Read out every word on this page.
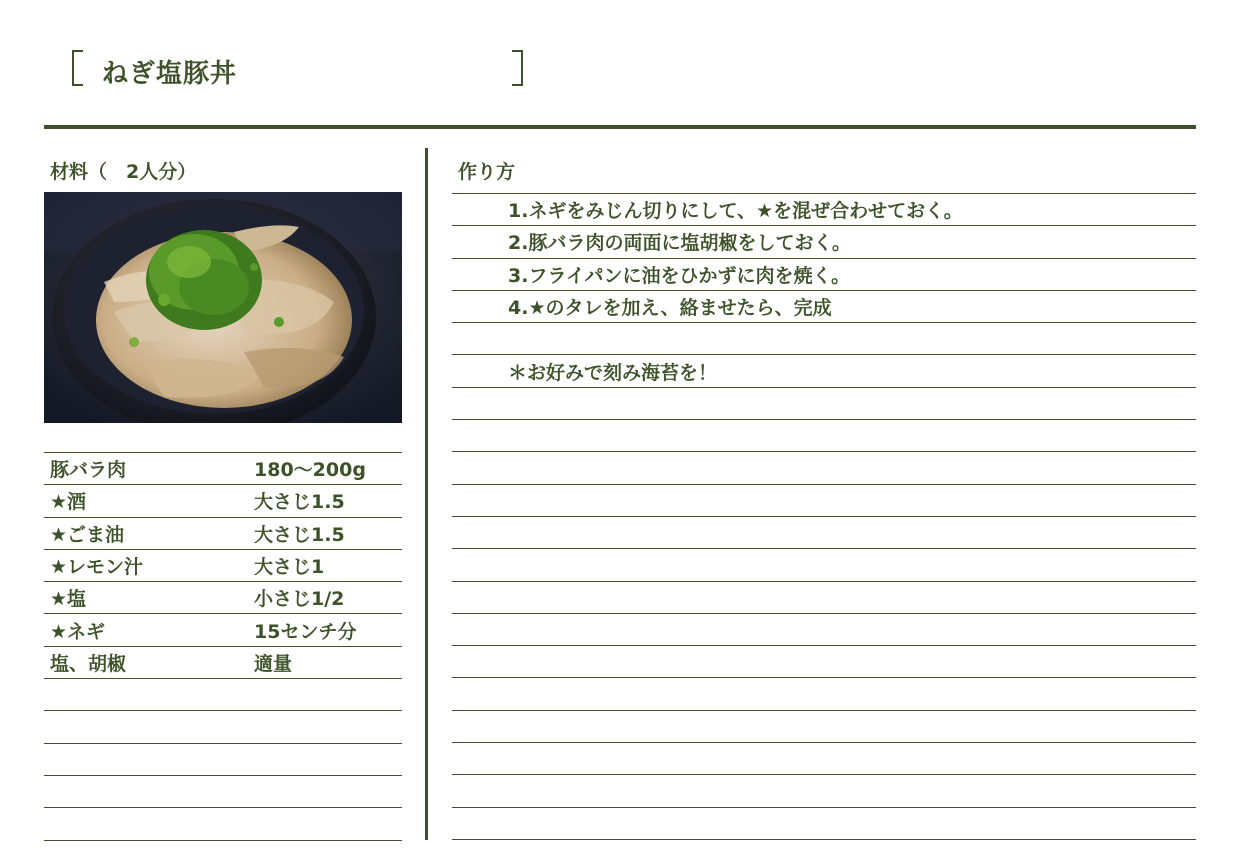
ねぎ塩豚丼
材料（　2人分）
豚バラ肉	180～200g
★酒	大さじ1.5
★ごま油	大さじ1.5
★レモン汁	大さじ1
★塩	小さじ1/2
★ネギ	15センチ分
塩、胡椒	適量
作り方
1.ネギをみじん切りにして、★を混ぜ合わせておく。
2.豚バラ肉の両面に塩胡椒をしておく。
3.フライパンに油をひかずに肉を焼く。
4.★のタレを加え、絡ませたら、完成
＊お好みで刻み海苔を！
